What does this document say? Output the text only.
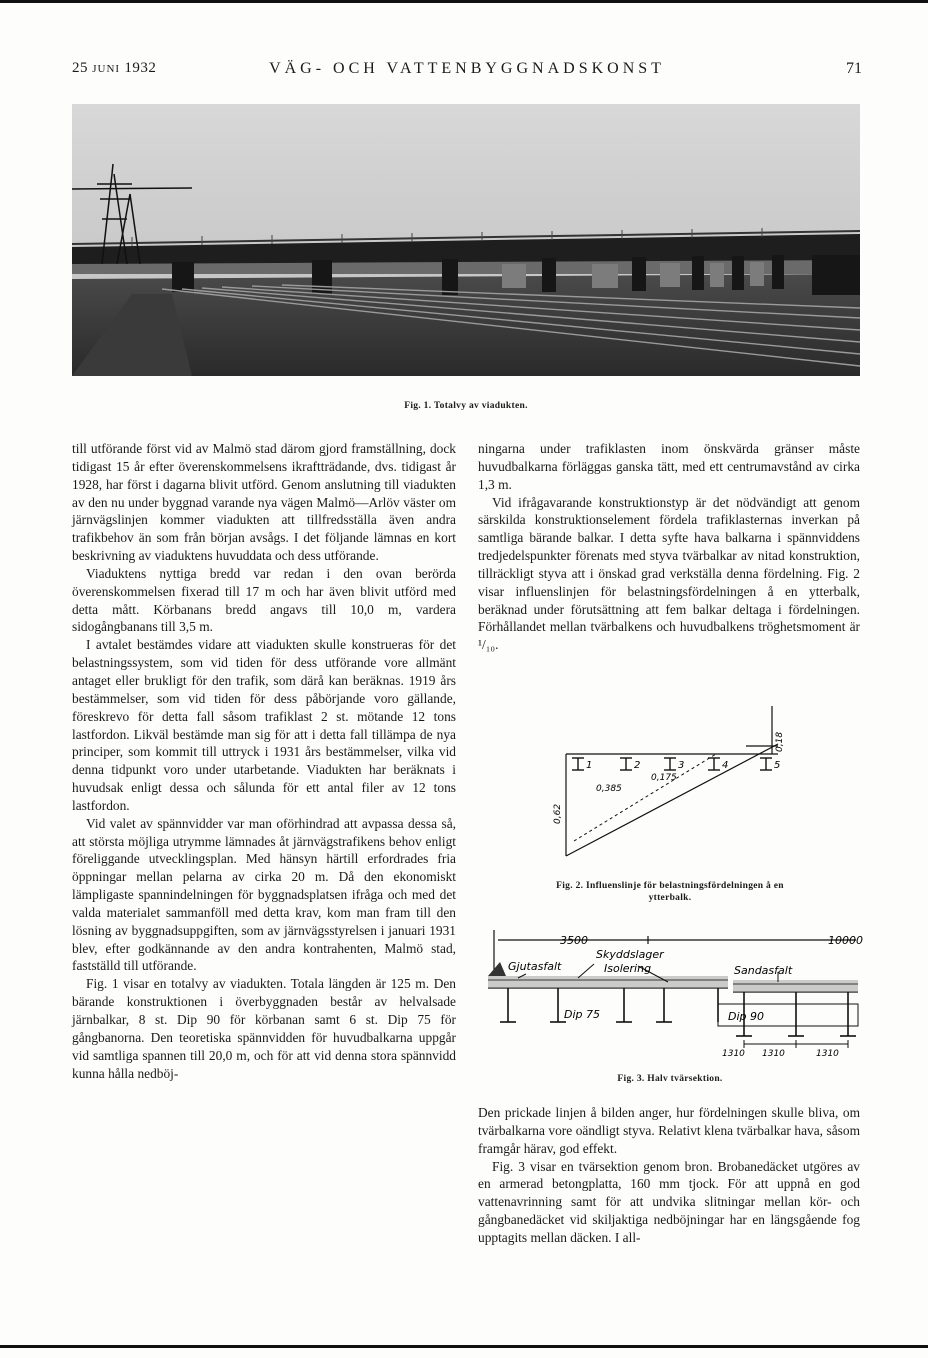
25 JUNI 1932	VÄG- OCH VATTENBYGGNADSKONST	71
Fig. 1. Totalvy av viadukten.

till utförande först vid av Malmö stad därom gjord framställning, dock tidigast 15 år efter överenskommelsens ikraftträdande, dvs. tidigast år 1928, har först i dagarna blivit utförd. Genom anslutning till viadukten av den nu under byggnad varande nya vägen Malmö—Arlöv väster om järnvägslinjen kommer viadukten att tillfredsställa även andra trafikbehov än som från början avsågs. I det följande lämnas en kort beskrivning av viaduktens huvuddata och dess utförande.

Viaduktens nyttiga bredd var redan i den ovan berörda överenskommelsen fixerad till 17 m och har även blivit utförd med detta mått. Körbanans bredd angavs till 10,0 m, vardera sidogångbanans till 3,5 m.

I avtalet bestämdes vidare att viadukten skulle konstrueras för det belastningssystem, som vid tiden för dess utförande vore allmänt antaget eller brukligt för den trafik, som därå kan beräknas. 1919 års bestämmelser, som vid tiden för dess påbörjande voro gällande, föreskrevo för detta fall såsom trafiklast 2 st. mötande 12 tons lastfordon. Likväl bestämde man sig för att i detta fall tillämpa de nya principer, som kommit till uttryck i 1931 års bestämmelser, vilka vid denna tidpunkt voro under utarbetande. Viadukten har beräknats i huvudsak enligt dessa och sålunda för ett antal filer av 12 tons lastfordon.

Vid valet av spännvidder var man oförhindrad att avpassa dessa så, att största möjliga utrymme lämnades åt järnvägstrafikens behov enligt föreliggande utvecklingsplan. Med hänsyn härtill erfordrades fria öppningar mellan pelarna av cirka 20 m. Då den ekonomiskt lämpligaste spannindelningen för byggnadsplatsen ifråga och med det valda materialet sammanföll med detta krav, kom man fram till den lösning av byggnadsuppgiften, som av järnvägsstyrelsen i januari 1931 blev, efter godkännande av den andra kontrahenten, Malmö stad, fastställd till utförande.

Fig. 1 visar en totalvy av viadukten. Totala längden är 125 m. Den bärande konstruktionen i överbyggnaden består av helvalsade järnbalkar, 8 st. Dip 90 för körbanan samt 6 st. Dip 75 för gångbanorna. Den teoretiska spännvidden för huvudbalkarna uppgår vid samtliga spannen till 20,0 m, och för att vid denna stora spännvidd kunna hålla nedböj-

ningarna under trafiklasten inom önskvärda gränser måste huvudbalkarna förläggas ganska tätt, med ett centrumavstånd av cirka 1,3 m.

Vid ifrågavarande konstruktionstyp är det nödvändigt att genom särskilda konstruktionselement fördela trafiklasternas inverkan på samtliga bärande balkar. I detta syfte hava balkarna i spännviddens tredjedelspunkter förenats med styva tvärbalkar av nitad konstruktion, tillräckligt styva att i önskad grad verkställa denna fördelning. Fig. 2 visar influenslinjen för belastningsfördelningen å en ytterbalk, beräknad under förutsättning att fem balkar deltaga i fördelningen. Förhållandet mellan tvärbalkens och huvudbalkens tröghetsmoment är ¹/₁₀.

1	2	3	4	5
0,385
0,175
0,62
0,18
Fig. 2. Influenslinje för belastningsfördelningen å en
ytterbalk.
3500	10000
Gjutasfalt
Skyddslager
Isolering	Sandasfalt
Dip 75	Dip 90
1310 1310	1310
Fig. 3. Halv tvärsektion.

Den prickade linjen å bilden anger, hur fördelningen skulle bliva, om tvärbalkarna vore oändligt styva. Relativt klena tvärbalkar hava, såsom framgår härav, god effekt.

Fig. 3 visar en tvärsektion genom bron. Brobanedäcket utgöres av en armerad betongplatta, 160 mm tjock. För att uppnå en god vattenavrinning samt för att undvika slitningar mellan kör- och gångbanedäcket vid skiljaktiga nedböjningar har en längsgående fog upptagits mellan däcken. I all-
